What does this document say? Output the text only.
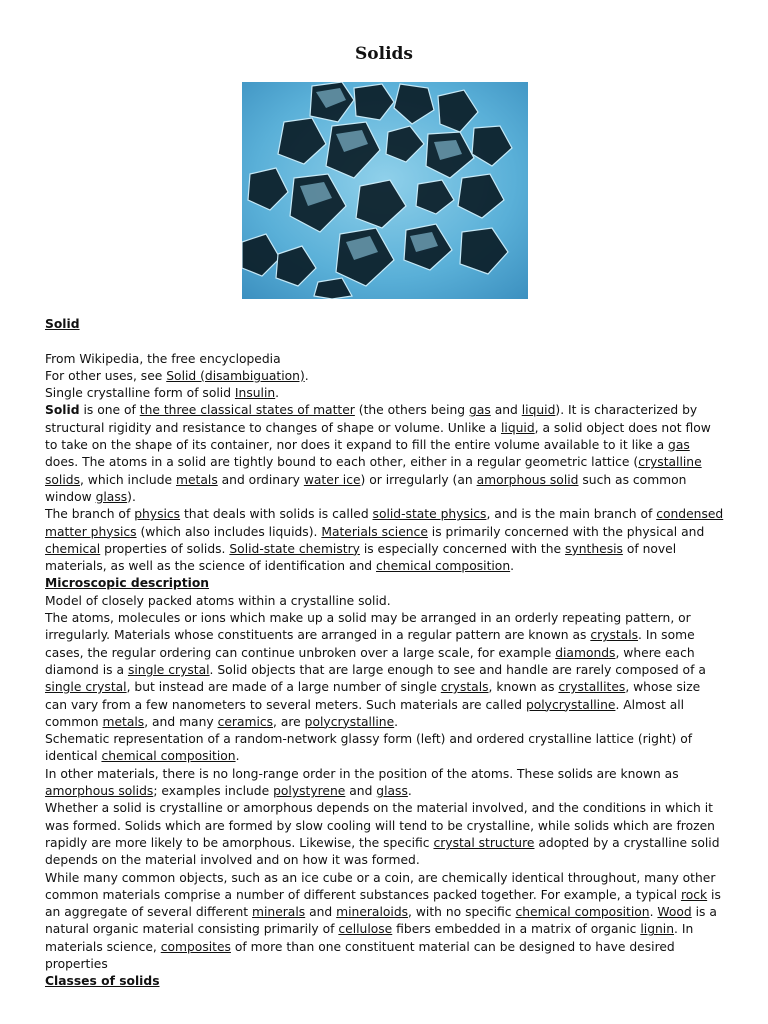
Solids

Solid

From Wikipedia, the free encyclopedia

For other uses, see Solid (disambiguation).

Single crystalline form of solid Insulin.

Solid is one of the three classical states of matter (the others being gas and liquid). It is characterized by structural rigidity and resistance to changes of shape or volume. Unlike a liquid, a solid object does not flow to take on the shape of its container, nor does it expand to fill the entire volume available to it like a gas does. The atoms in a solid are tightly bound to each other, either in a regular geometric lattice (crystalline solids, which include metals and ordinary water ice) or irregularly (an amorphous solid such as common window glass).

The branch of physics that deals with solids is called solid-state physics, and is the main branch of condensed matter physics (which also includes liquids). Materials science is primarily concerned with the physical and chemical properties of solids. Solid-state chemistry is especially concerned with the synthesis of novel materials, as well as the science of identification and chemical composition.

Microscopic description

Model of closely packed atoms within a crystalline solid.

The atoms, molecules or ions which make up a solid may be arranged in an orderly repeating pattern, or irregularly. Materials whose constituents are arranged in a regular pattern are known as crystals. In some cases, the regular ordering can continue unbroken over a large scale, for example diamonds, where each diamond is a single crystal. Solid objects that are large enough to see and handle are rarely composed of a single crystal, but instead are made of a large number of single crystals, known as crystallites, whose size can vary from a few nanometers to several meters. Such materials are called polycrystalline. Almost all common metals, and many ceramics, are polycrystalline.

Schematic representation of a random-network glassy form (left) and ordered crystalline lattice (right) of identical chemical composition.

In other materials, there is no long-range order in the position of the atoms. These solids are known as amorphous solids; examples include polystyrene and glass.

Whether a solid is crystalline or amorphous depends on the material involved, and the conditions in which it was formed. Solids which are formed by slow cooling will tend to be crystalline, while solids which are frozen rapidly are more likely to be amorphous. Likewise, the specific crystal structure adopted by a crystalline solid depends on the material involved and on how it was formed.

While many common objects, such as an ice cube or a coin, are chemically identical throughout, many other common materials comprise a number of different substances packed together. For example, a typical rock is an aggregate of several different minerals and mineraloids, with no specific chemical composition. Wood is a natural organic material consisting primarily of cellulose fibers embedded in a matrix of organic lignin. In materials science, composites of more than one constituent material can be designed to have desired properties

Classes of solids
